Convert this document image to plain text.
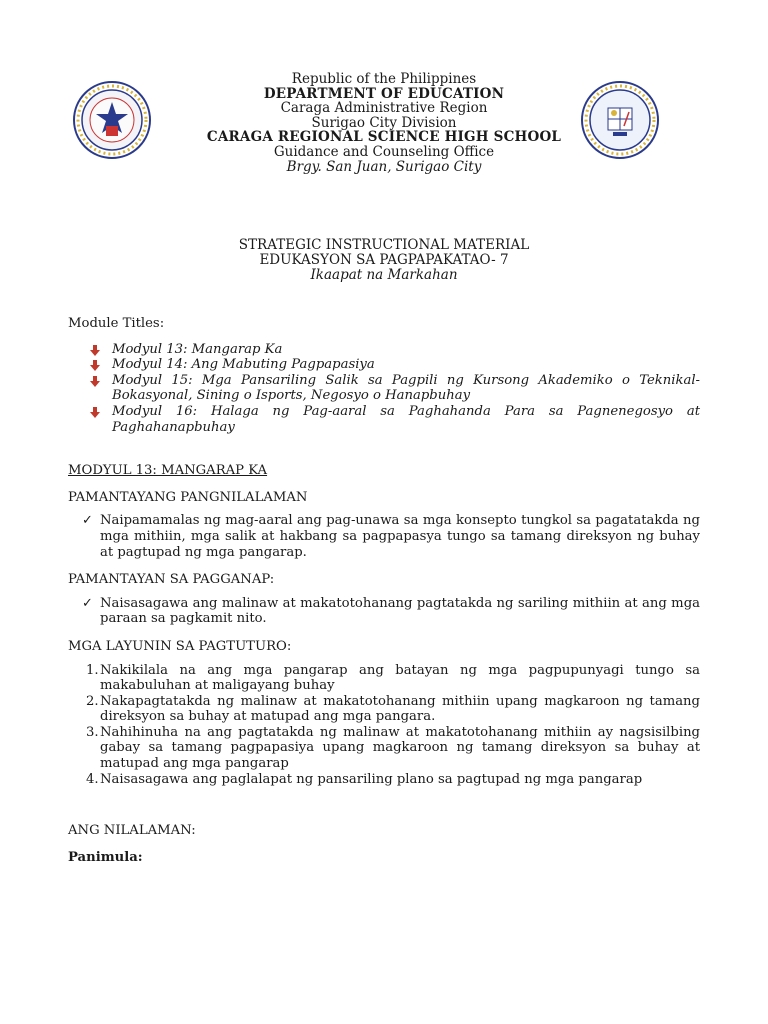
Republic of the Philippines
DEPARTMENT OF EDUCATION
Caraga Administrative Region
Surigao City Division
CARAGA REGIONAL SCIENCE HIGH SCHOOL
Guidance and Counseling Office
Brgy. San Juan, Surigao City
STRATEGIC INSTRUCTIONAL MATERIAL
EDUKASYON SA PAGPAPAKATAO- 7
Ikaapat na Markahan
Module Titles:
Modyul 13: Mangarap Ka
Modyul 14: Ang Mabuting Pagpapasiya
Modyul 15: Mga Pansariling Salik sa Pagpili ng Kursong Akademiko o Teknikal-Bokasyonal, Sining o Isports, Negosyo o Hanapbuhay
Modyul 16: Halaga ng Pag-aaral sa Paghahanda Para sa Pagnenegosyo at Paghahanapbuhay
MODYUL 13: MANGARAP KA
PAMANTAYANG PANGNILALAMAN
✓ Naipamamalas ng mag-aaral ang pag-unawa sa mga konsepto tungkol sa pagatatakda ng mga mithiin, mga salik at hakbang sa pagpapasya tungo sa tamang direksyon ng buhay at pagtupad ng mga pangarap.
PAMANTAYAN SA PAGGANAP:
✓ Naisasagawa ang malinaw at makatotohanang pagtatakda ng sariling mithiin at ang mga paraan sa pagkamit nito.
MGA LAYUNIN SA PAGTUTURO:
1. Nakikilala na ang mga pangarap ang batayan ng mga pagpupunyagi tungo sa makabuluhan at maligayang buhay
2. Nakapagtatakda ng malinaw at makatotohanang mithiin upang magkaroon ng tamang direksyon sa buhay at matupad ang mga pangara.
3. Nahihinuha na ang pagtatakda ng malinaw at makatotohanang mithiin ay nagsisilbing gabay sa tamang pagpapasiya upang magkaroon ng tamang direksyon sa buhay at matupad ang mga pangarap
4. Naisasagawa ang paglalapat ng pansariling plano sa pagtupad ng mga pangarap
ANG NILALAMAN:
Panimula:
